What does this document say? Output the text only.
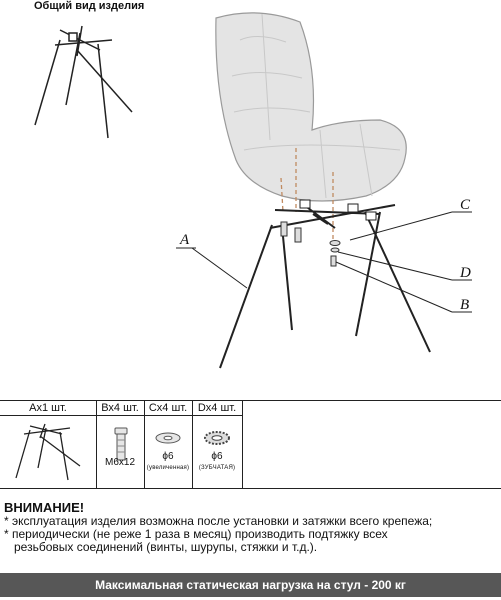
Общий вид изделия
A
C
D
B
Ах1 шт.	Вх4 шт. Сх4 шт. Dх4 шт.
М6х12
ϕ6
(увеличенная)
ϕ6
(ЗУБЧАТАЯ)
ВНИМАНИЕ!
* эксплуатация изделия возможна после установки и затяжки всего крепежа;
* периодически (не реже 1 раза в месяц) производить подтяжку всех
резьбовых соединений (винты, шурупы, стяжки и т.д.).
Максимальная статическая нагрузка на стул - 200 кг
